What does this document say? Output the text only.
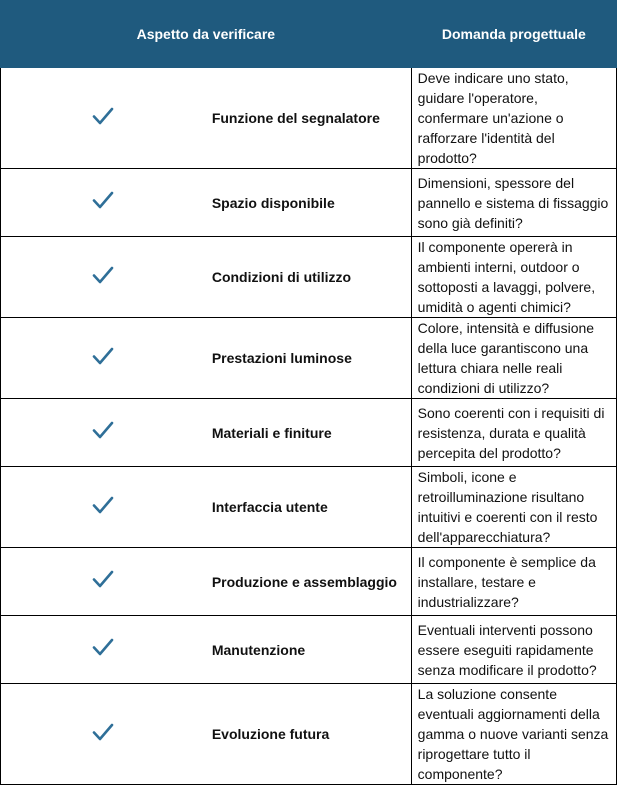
Aspetto da verificare		Domanda progettuale

	Funzione del segnalatore	Deve indicare uno stato, guidare l'operatore, confermare un'azione o rafforzare l'identità del prodotto?

	Spazio disponibile	Dimensioni, spessore del pannello e sistema di fissaggio sono già definiti?

	Condizioni di utilizzo	Il componente opererà in ambienti interni, outdoor o sottoposti a lavaggi, polvere, umidità o agenti chimici?

	Prestazioni luminose	Colore, intensità e diffusione della luce garantiscono una lettura chiara nelle reali condizioni di utilizzo?

	Materiali e finiture	Sono coerenti con i requisiti di resistenza, durata e qualità percepita del prodotto?

	Interfaccia utente	Simboli, icone e retroilluminazione risultano intuitivi e coerenti con il resto dell'apparecchiatura?

	Produzione e assemblaggio	Il componente è semplice da installare, testare e industrializzare?

	Manutenzione	Eventuali interventi possono essere eseguiti rapidamente senza modificare il prodotto?

	Evoluzione futura	La soluzione consente eventuali aggiornamenti della gamma o nuove varianti senza riprogettare tutto il componente?
